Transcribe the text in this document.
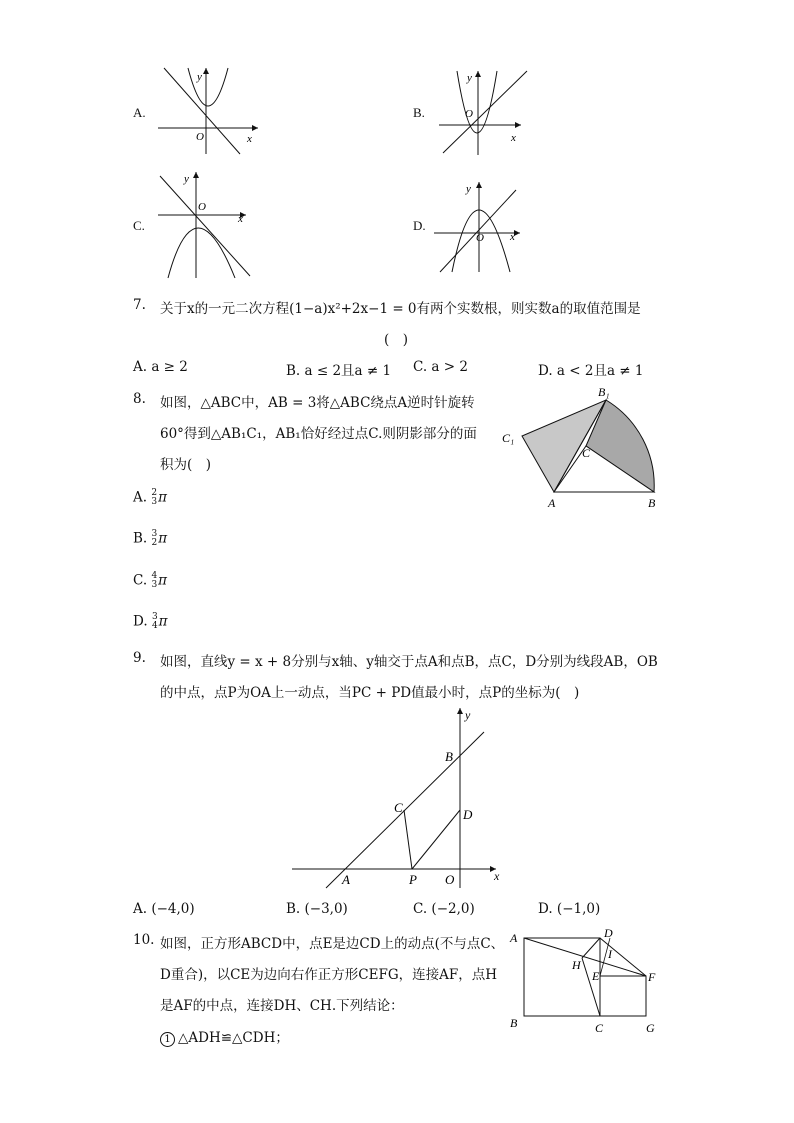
A.
y
x
O
B.
y
x
O
C.
y
x
O
D.
y
x
O
7. 关于x的一元二次方程(1−a)x²+2x−1 = 0有两个实数根，则实数a的取值范围是
(　)
A. a ≥ 2	B. a ≤ 2且a ≠ 1 C. a > 2	D. a < 2且a ≠ 1
8. 如图，△ABC中，AB = 3将△ABC绕点A逆时针旋转
60°得到△AB₁C₁，AB₁恰好经过点C.则阴影部分的面
积为(　)
A. 2
3 π
B. 3
2 π
C. 4
3 π
D. 3
4 π
A	B
C
B₁
C₁
9. 如图，直线y = x + 8分别与x轴、y轴交于点A和点B，点C，D分别为线段AB，OB
的中点，点P为OA上一动点，当PC + PD值最小时，点P的坐标为(　)
y
x
B
C	D
A	P O
A. (−4,0)	B. (−3,0)	C. (−2,0)	D. (−1,0)
10. 如图，正方形ABCD中，点E是边CD上的动点(不与点C、
D重合)，以CE为边向右作正方形CEFG，连接AF，点H
是AF的中点，连接DH、CH.下列结论：
1 △ADH≌△CDH；
A	D
B	C	G
F
E
H
I
